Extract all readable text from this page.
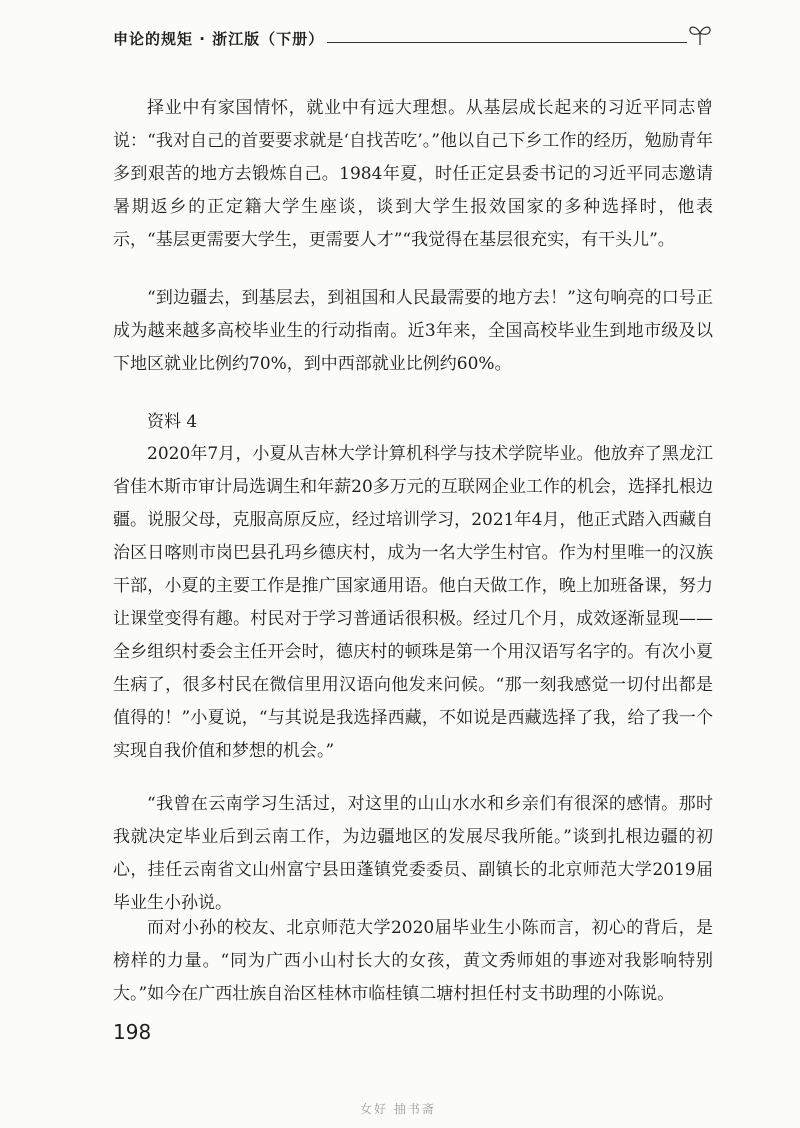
申论的规矩 · 浙江版（下册）

择业中有家国情怀，就业中有远大理想。从基层成长起来的习近平同志曾说：“我对自己的首要要求就是‘自找苦吃’。”他以自己下乡工作的经历，勉励青年多到艰苦的地方去锻炼自己。1984年夏，时任正定县委书记的习近平同志邀请暑期返乡的正定籍大学生座谈，谈到大学生报效国家的多种选择时，他表示，“基层更需要大学生，更需要人才”“我觉得在基层很充实，有干头儿”。

“到边疆去，到基层去，到祖国和人民最需要的地方去！”这句响亮的口号正成为越来越多高校毕业生的行动指南。近3年来，全国高校毕业生到地市级及以下地区就业比例约70%，到中西部就业比例约60%。

资料 4

2020年7月，小夏从吉林大学计算机科学与技术学院毕业。他放弃了黑龙江省佳木斯市审计局选调生和年薪20多万元的互联网企业工作的机会，选择扎根边疆。说服父母，克服高原反应，经过培训学习，2021年4月，他正式踏入西藏自治区日喀则市岗巴县孔玛乡德庆村，成为一名大学生村官。作为村里唯一的汉族干部，小夏的主要工作是推广国家通用语。他白天做工作，晚上加班备课，努力让课堂变得有趣。村民对于学习普通话很积极。经过几个月，成效逐渐显现——全乡组织村委会主任开会时，德庆村的顿珠是第一个用汉语写名字的。有次小夏生病了，很多村民在微信里用汉语向他发来问候。“那一刻我感觉一切付出都是值得的！”小夏说，“与其说是我选择西藏，不如说是西藏选择了我，给了我一个实现自我价值和梦想的机会。”

“我曾在云南学习生活过，对这里的山山水水和乡亲们有很深的感情。那时我就决定毕业后到云南工作，为边疆地区的发展尽我所能。”谈到扎根边疆的初心，挂任云南省文山州富宁县田蓬镇党委委员、副镇长的北京师范大学2019届毕业生小孙说。

而对小孙的校友、北京师范大学2020届毕业生小陈而言，初心的背后，是榜样的力量。“同为广西小山村长大的女孩，黄文秀师姐的事迹对我影响特别大。”如今在广西壮族自治区桂林市临桂镇二塘村担任村支书助理的小陈说。

198
女好 抽书斋
